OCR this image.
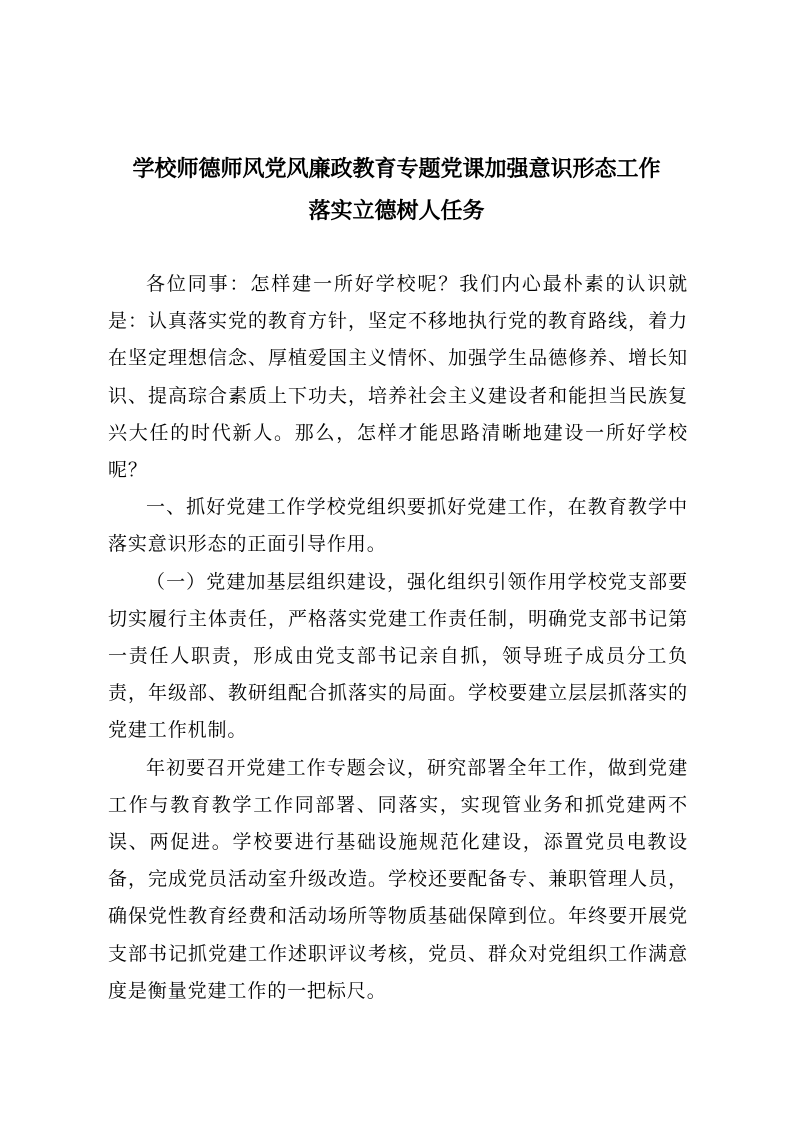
学校师德师风党风廉政教育专题党课加强意识形态工作
落实立德树人任务

各位同事：怎样建一所好学校呢？我们内心最朴素的认识就是：认真落实党的教育方针，坚定不移地执行党的教育路线，着力在坚定理想信念、厚植爱国主义情怀、加强学生品德修养、增长知识、提高琮合素质上下功夫，培养社会主义建设者和能担当民族复兴大任的时代新人。那么，怎样才能思路清晰地建设一所好学校呢？

一、抓好党建工作学校党组织要抓好党建工作，在教育教学中落实意识形态的正面引导作用。

（一）党建加基层组织建设，强化组织引领作用学校党支部要切实履行主体责任，严格落实党建工作责任制，明确党支部书记第一责任人职责，形成由党支部书记亲自抓，领导班子成员分工负责，年级部、教研组配合抓落实的局面。学校要建立层层抓落实的党建工作机制。

年初要召开党建工作专题会议，研究部署全年工作，做到党建工作与教育教学工作同部署、同落实，实现管业务和抓党建两不误、两促进。学校要进行基础设施规范化建设，添置党员电教设备，完成党员活动室升级改造。学校还要配备专、兼职管理人员，确保党性教育经费和活动场所等物质基础保障到位。年终要开展党支部书记抓党建工作述职评议考核，党员、群众对党组织工作满意度是衡量党建工作的一把标尺。
